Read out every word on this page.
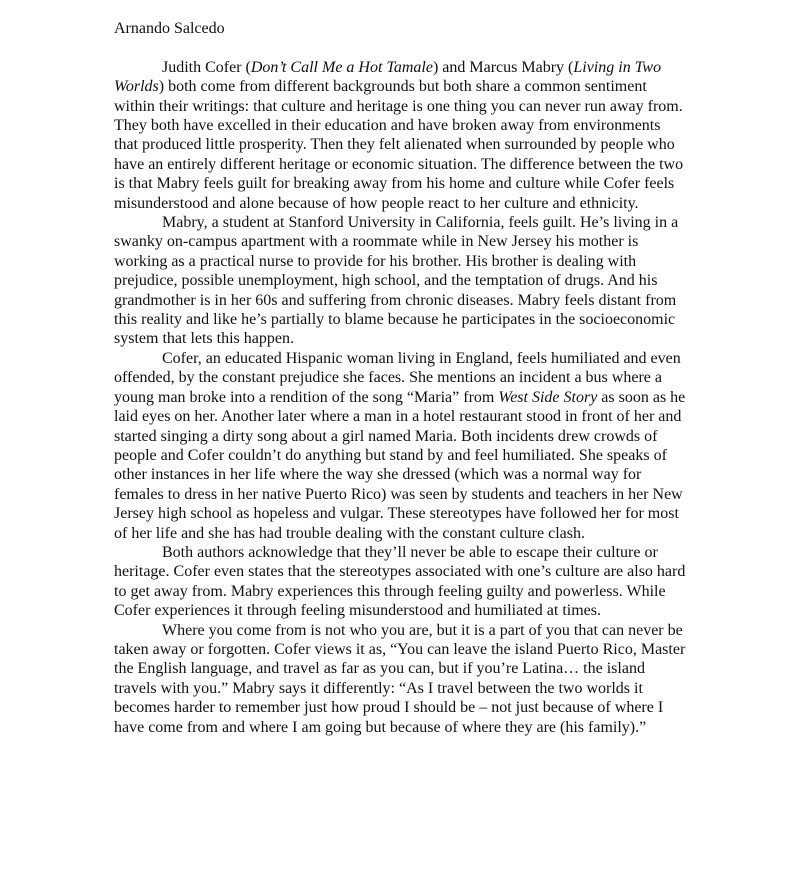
Arnando Salcedo

Judith Cofer (Don’t Call Me a Hot Tamale) and Marcus Mabry (Living in Two Worlds) both come from different backgrounds but both share a common sentiment within their writings: that culture and heritage is one thing you can never run away from. They both have excelled in their education and have broken away from environments that produced little prosperity. Then they felt alienated when surrounded by people who have an entirely different heritage or economic situation. The difference between the two is that Mabry feels guilt for breaking away from his home and culture while Cofer feels misunderstood and alone because of how people react to her culture and ethnicity.

Mabry, a student at Stanford University in California, feels guilt. He’s living in a swanky on-campus apartment with a roommate while in New Jersey his mother is working as a practical nurse to provide for his brother. His brother is dealing with prejudice, possible unemployment, high school, and the temptation of drugs. And his grandmother is in her 60s and suffering from chronic diseases. Mabry feels distant from this reality and like he’s partially to blame because he participates in the socioeconomic system that lets this happen.

Cofer, an educated Hispanic woman living in England, feels humiliated and even offended, by the constant prejudice she faces. She mentions an incident a bus where a young man broke into a rendition of the song “Maria” from West Side Story as soon as he laid eyes on her. Another later where a man in a hotel restaurant stood in front of her and started singing a dirty song about a girl named Maria. Both incidents drew crowds of people and Cofer couldn’t do anything but stand by and feel humiliated. She speaks of other instances in her life where the way she dressed (which was a normal way for females to dress in her native Puerto Rico) was seen by students and teachers in her New Jersey high school as hopeless and vulgar. These stereotypes have followed her for most of her life and she has had trouble dealing with the constant culture clash.

Both authors acknowledge that they’ll never be able to escape their culture or heritage. Cofer even states that the stereotypes associated with one’s culture are also hard to get away from. Mabry experiences this through feeling guilty and powerless. While Cofer experiences it through feeling misunderstood and humiliated at times.

Where you come from is not who you are, but it is a part of you that can never be taken away or forgotten. Cofer views it as, “You can leave the island Puerto Rico, Master the English language, and travel as far as you can, but if you’re Latina… the island travels with you.” Mabry says it differently: “As I travel between the two worlds it becomes harder to remember just how proud I should be – not just because of where I have come from and where I am going but because of where they are (his family).”
